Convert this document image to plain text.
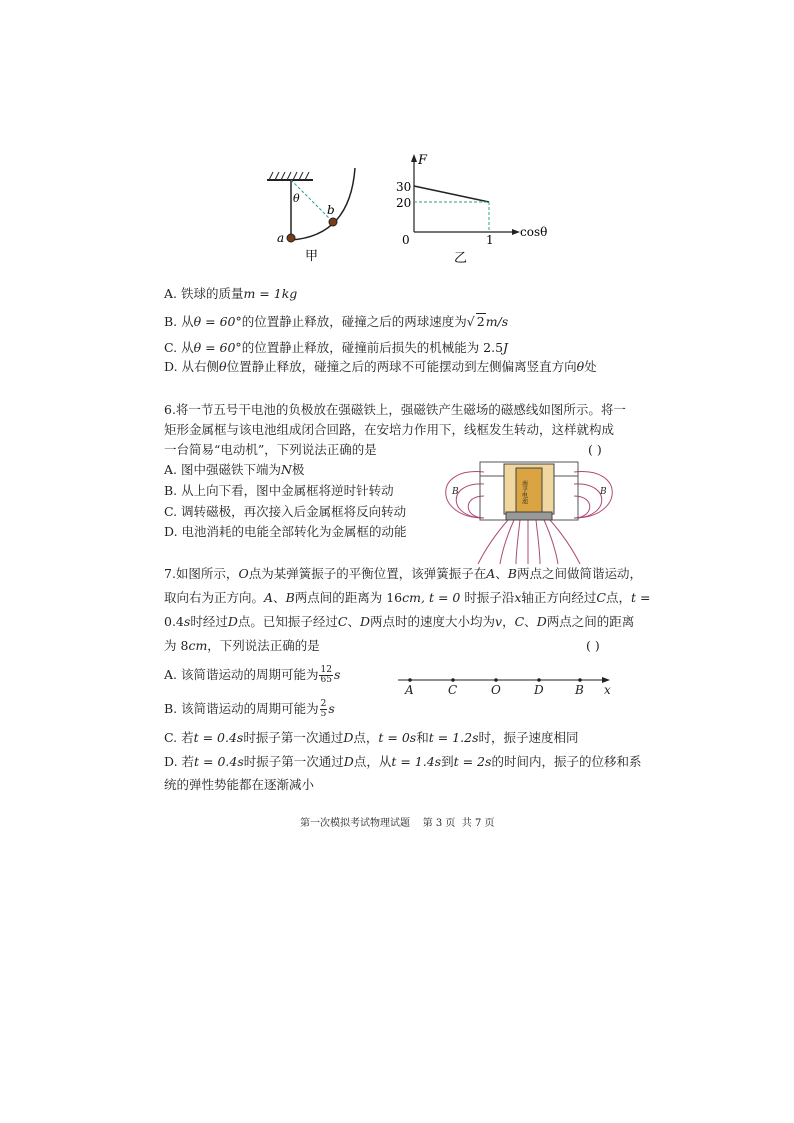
θ
a
b
甲
F
30
20
0	1
cosθ
乙
A. 铁球的质量m = 1kg
B. 从θ = 60°的位置静止释放，碰撞之后的两球速度为√ 2m/s
C. 从θ = 60°的位置静止释放，碰撞前后损失的机械能为 2.5J
D. 从右侧θ位置静止释放，碰撞之后的两球不可能摆动到左侧偏离竖直方向θ处
6.将一节五号干电池的负极放在强磁铁上，强磁铁产生磁场的磁感线如图所示。将一
矩形金属框与该电池组成闭合回路，在安培力作用下，线框发生转动，这样就构成
一台简易“电动机”，下列说法正确的是	( )
A. 图中强磁铁下端为N极
B. 从上向下看，图中金属框将逆时针转动
C. 调转磁极，再次接入后金属框将反向转动
D. 电池消耗的电能全部转化为金属框的动能
南孚电池
B	B
7.如图所示，O点为某弹簧振子的平衡位置，该弹簧振子在A、B两点之间做简谐运动，
取向右为正方向。A、B两点间的距离为 16cm, t = 0 时振子沿x轴正方向经过C点，t =
0.4s时经过D点。已知振子经过C、D两点时的速度大小均为v，C、D两点之间的距离
为 8cm，下列说法正确的是	( )
A. 该简谐运动的周期可能为 $\frac{12}{65}$ s
B. 该简谐运动的周期可能为 $\frac{2}{5}$ s
A	C	O	D	B x
C. 若t = 0.4s时振子第一次通过D点，t = 0s和t = 1.2s时，振子速度相同
D. 若t = 0.4s时振子第一次通过D点，从t = 1.4s到t = 2s的时间内，振子的位移和系
统的弹性势能都在逐渐减小
第一次模拟考试物理试题    第 3 页  共 7 页
